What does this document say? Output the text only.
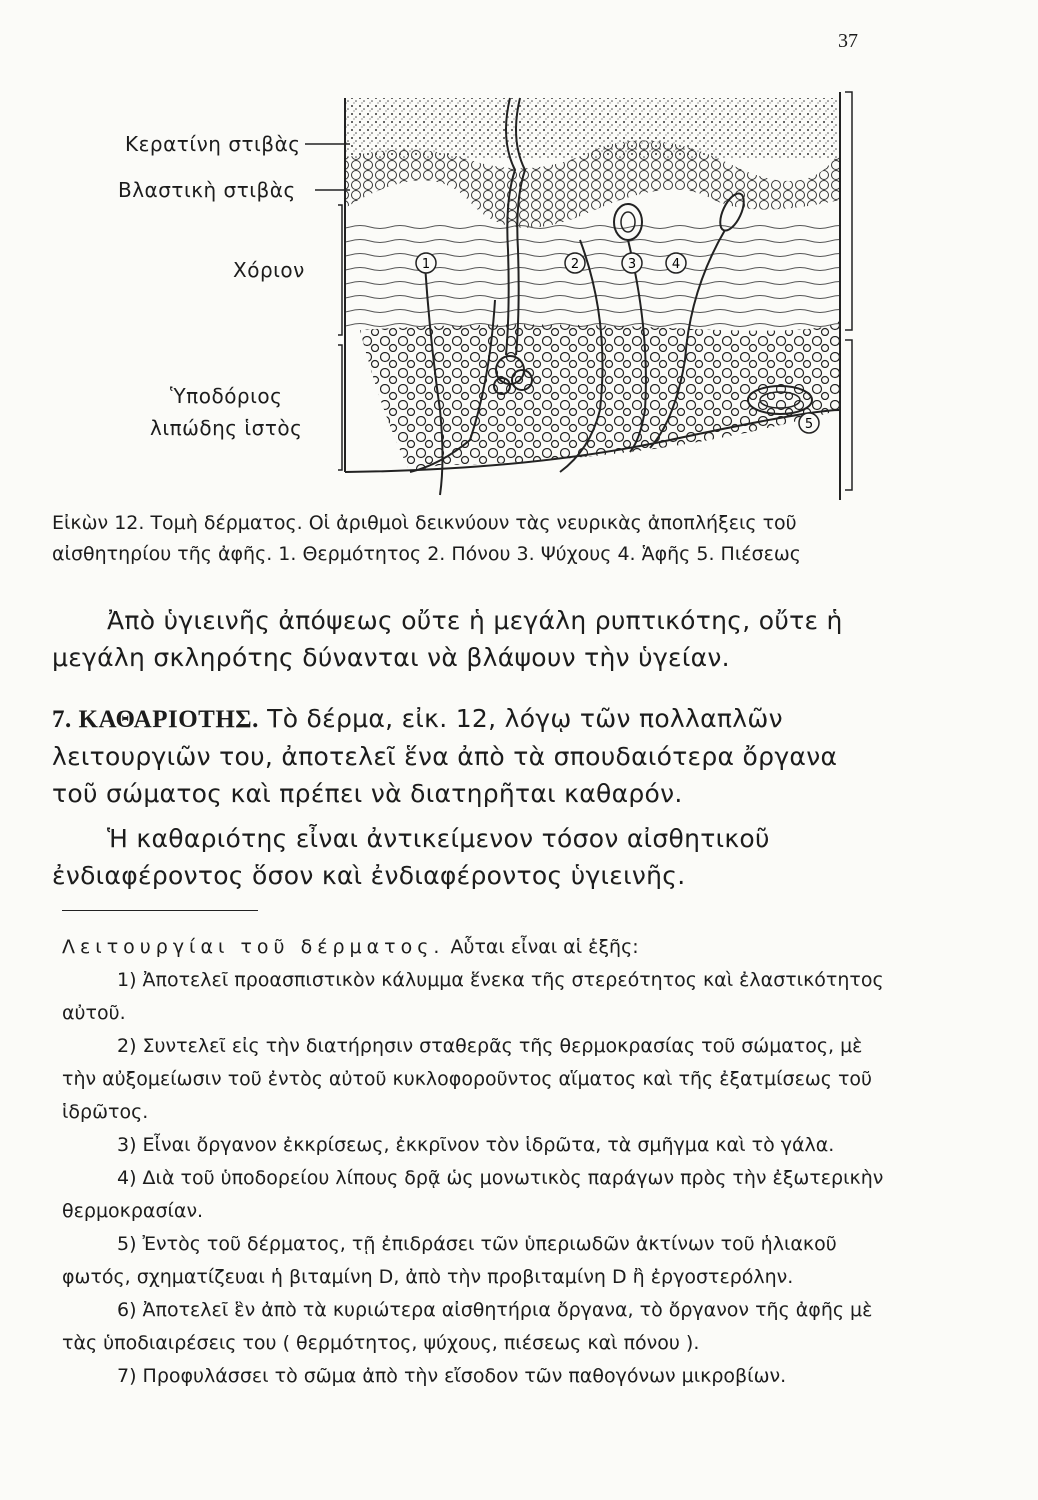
37
1	2	3	4
5
Κερατίνη στιβὰς
Βλαστικὴ στιβὰς
Χόριον
Ὑποδόριος
λιπώδης ἱστὸς
Εἰκὼν 12. Τομὴ δέρματος. Οἱ ἀριθμοὶ δεικνύουν τὰς νευρικὰς ἀποπλήξεις τοῦ αἰσθητηρίου τῆς ἀφῆς. 1. Θερμότητος 2. Πόνου 3. Ψύχους 4. Ἁφῆς 5. Πιέσεως

Ἀπὸ ὑγιεινῆς ἀπόψεως οὔτε ἡ μεγάλη ρυπτικότης, οὔτε ἡ μεγάλη σκληρότης δύνανται νὰ βλάψουν τὴν ὑγείαν.

7. ΚΑΘΑΡΙΟΤΗΣ. Τὸ δέρμα, εἰκ. 12, λόγῳ τῶν πολλαπλῶν λειτουργιῶν του, ἀποτελεῖ ἕνα ἀπὸ τὰ σπουδαιότερα ὄργανα τοῦ σώματος καὶ πρέπει νὰ διατηρῆται καθαρόν.

Ἡ καθαριότης εἶναι ἀντικείμενον τόσον αἰσθητικοῦ ἐνδιαφέροντος ὅσον καὶ ἐνδιαφέροντος ὑγιεινῆς.

Λειτουργίαι τοῦ δέρματος. Αὗται εἶναι αἱ ἑξῆς:

1) Ἀποτελεῖ προασπιστικὸν κάλυμμα ἕνεκα τῆς στερεότητος καὶ ἐλαστικότητος αὐτοῦ.

2) Συντελεῖ εἰς τὴν διατήρησιν σταθερᾶς τῆς θερμοκρασίας τοῦ σώματος, μὲ τὴν αὐξομείωσιν τοῦ ἐντὸς αὐτοῦ κυκλοφοροῦντος αἵματος καὶ τῆς ἐξατμίσεως τοῦ ἱδρῶτος.

3) Εἶναι ὄργανον ἐκκρίσεως, ἐκκρῖνον τὸν ἱδρῶτα, τὰ σμῆγμα καὶ τὸ γάλα.

4) Διὰ τοῦ ὑποδορείου λίπους δρᾷ ὡς μονωτικὸς παράγων πρὸς τὴν ἐξωτερικὴν θερμοκρασίαν.

5) Ἐντὸς τοῦ δέρματος, τῇ ἐπιδράσει τῶν ὑπεριωδῶν ἀκτίνων τοῦ ἡλιακοῦ φωτός, σχηματίζευαι ἡ βιταμίνη D, ἀπὸ τὴν προβιταμίνη D ἢ ἐργοστερόλην.

6) Ἀποτελεῖ ἓν ἀπὸ τὰ κυριώτερα αἰσθητήρια ὄργανα, τὸ ὄργανον τῆς ἀφῆς μὲ τὰς ὑποδιαιρέσεις του ( θερμότητος, ψύχους, πιέσεως καὶ πόνου ).

7) Προφυλάσσει τὸ σῶμα ἀπὸ τὴν εἴσοδον τῶν παθογόνων μικροβίων.
